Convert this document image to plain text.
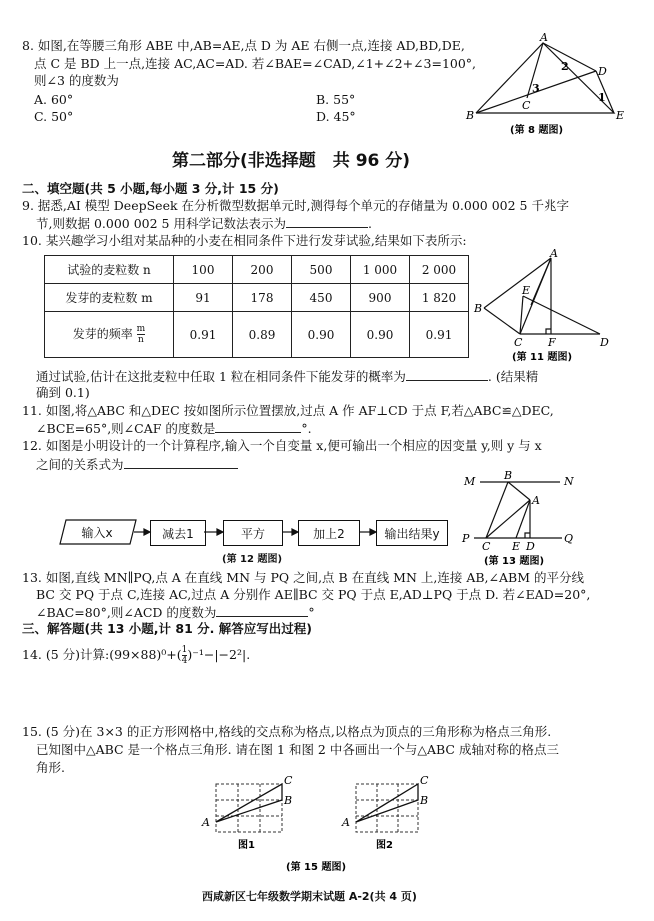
8. 如图,在等腰三角形 ABE 中,AB=AE,点 D 为 AE 右侧一点,连接 AD,BD,DE,
点 C 是 BD 上一点,连接 AC,AC=AD. 若∠BAE=∠CAD,∠1+∠2+∠3=100°,
则∠3 的度数为
A. 60°	B. 55°
C. 50°	D. 45°
A
D
C
B	E
2
3
1
(第 8 题图)
第二部分(非选择题　共 96 分)
二、填空题(共 5 小题,每小题 3 分,计 15 分)
9. 据悉,AI 模型 DeepSeek 在分析微型数据单元时,测得每个单元的存储量为 0.000 002 5 千兆字
节,则数据 0.000 002 5 用科学记数法表示为	.
10. 某兴趣学习小组对某品种的小麦在相同条件下进行发芽试验,结果如下表所示:
试验的麦粒数 n	100	200	500	1 000	2 000
发芽的麦粒数 m	91	178	450	900	1 820
发芽的频率 $\frac{m}{n}$	0.91	0.89	0.90	0.90	0.91
A
B
E
C F	D
(第 11 题图)
通过试验,估计在这批麦粒中任取 1 粒在相同条件下能发芽的概率为	. (结果精
确到 0.1)
11. 如图,将△ABC 和△DEC 按如图所示位置摆放,过点 A 作 AF⊥CD 于点 F,若△ABC≌△DEC,
∠BCE=65°,则∠CAF 的度数是	°.
12. 如图是小明设计的一个计算程序,输入一个自变量 x,便可输出一个相应的因变量 y,则 y 与 x
之间的关系式为
输入x	减去1	平方	加上2	输出结果y
(第 12 题图)
M	B	N
A
P
C E D
Q
(第 13 题图)
13. 如图,直线 MN∥PQ,点 A 在直线 MN 与 PQ 之间,点 B 在直线 MN 上,连接 AB,∠ABM 的平分线
BC 交 PQ 于点 C,连接 AC,过点 A 分别作 AE∥BC 交 PQ 于点 E,AD⊥PQ 于点 D. 若∠EAD=20°,
∠BAC=80°,则∠ACD 的度数为	°
三、解答题(共 13 小题,计 81 分. 解答应写出过程)
14. (5 分)计算:(99×88)⁰+( $\frac{1}{4} )^{-1}-|-2^2|$.
15. (5 分)在 3×3 的正方形网格中,格线的交点称为格点,以格点为顶点的三角形称为格点三角形.
已知图中△ABC 是一个格点三角形. 请在图 1 和图 2 中各画出一个与△ABC 成轴对称的格点三
角形.
A
C
B
图1
A
C
B
图2
(第 15 题图)
西咸新区七年级数学期末试题 A-2(共 4 页)
